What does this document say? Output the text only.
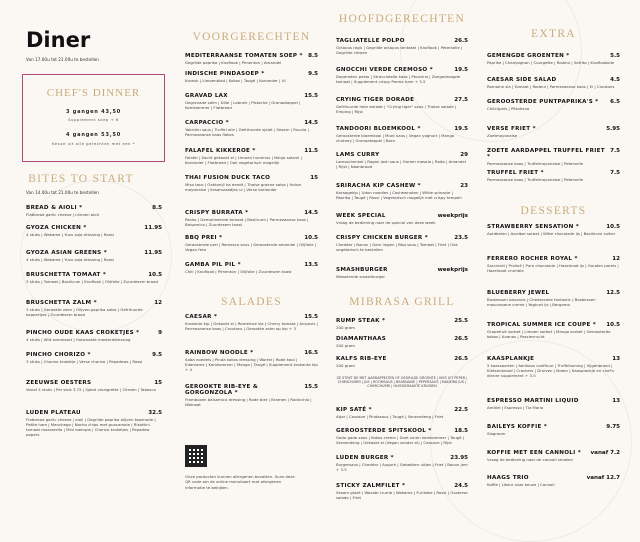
Diner
Van 17.00u tot 21.00u te bestellen
CHEF'S DINNER
3 gangen 43,50
Supplement soep + 6
4 gangen 53,50
Keuze uit alle gerechten met een *
BITES TO START
Van 14.00u tot 21.00u te bestellen
BREAD & AIOLI *	8.5
Flatbread garlic cheese | Limoen aioli
GYOZA CHICKEN *	11.95
4 stuks | Wakame | Yuzu soja dressing | Rossi
GYOZA ASIAN GREENS *	11.95
4 stuks | Wakame | Yuzu soja dressing | Rossi
BRUSCHETTA TOMAAT *	10.5
3 stuks | Tomaat | Basilicum | Knoflook | Olijfolie | Zuurdesem brood
BRUSCHETTA ZALM *	12
3 stuks | Gerookte zalm | Olijven-paprika salsa | Gefrituurde kappertjes | Zuurdesem brood
PINCHO OUDE KAAS CROKETJES *	9
4 stuks | Wilt ovenkaart | Huismaakt mosterddressing
PINCHO CHORIZO *	9.5
3 stuks | Chorizo kroketje | Verse chorizo | Pepadews | Rossi
ZEEUWSE OESTERS	15
Vanaf 4 stuks | Per stuk 3.75 | Sjalot vinaigrette | Citroen | Tabasco
LUDEN PLATEAU	32.5
Flatbread garlic cheese | aioli | Gegrilde paprika olijven tapenade | Petite ham | Manchego | Nacho chips met guacamole | Risottini tomaat mozzarella | Mini loempia | Chorizo kroketjes | Pepadew papers
VOORGERECHTEN
MEDITERRAANSE TOMATEN SOEP * 8.5
Gegrilde paprika | Knoflook | Pimenton | Amandel
INDISCHE PINDASOEP *	9.5
Kroeuk | Limoenblad | Kokos | Taugé | Koriander | Ui
GRAVAD LAX	15.5
Gegrevade zalm | Dille | Labneh | Pistache | Granaatappel | Komkommer | Flatbread
CARPACCIO *	14.5
Yakiniku saus | Truffel olie | Gefrituurde sjalot | Sesam | Rucola | Parmezaanse kaas flakes
FALAFEL KIKKEROE *	11.5
Falafel | Zacht gekookt ei | Limoen hummus | Nduja salami | Koriander | Flatbread | Ook vegetarisch mogelijk
THAI FUSION DUCK TACO	15
Miso taco | Oaktonijl ha eendt | Thaise groene salsa | Hoisin mayonaise | Sesamzaadjes ui | Verse koriander
CRISPY BURRATA *	14.5
Panko | Gemarineerde tomaat | Basilicum | Parmezaanse kaas | Balsamico | Zuurdesem toast
BBQ PREI *	10.5
Geroosterde prei | Romesco saus | Geroosterde amandel | Olijfolie | Vegan feta
GAMBA PIL PIL *	13.5
Chili | Knoflook | Pimenton | Olijfolie | Zuurdesem toast
SALADES
CAESAR *	15.5
Krokante kip | Gekookt ei | Romeinse sla | Cherry tomaat | Ansjovis | Parmezaanse kaas | Croutons | Gerookte zalm op kip + 3
RAINBOW NOODLE *	16.5
Soba noedels | Pinda kokos dressing | Wortel | Rode kool | Edamame | Komkommer | Mango | Taugé | Supplement krokante kip + 4
GEROOKTE RIB-EYE & GORGONZOLA *
15.5
Frambozen balsamico dressing | Rode biet | Bramen | Radicchio | Walnoot
Onze producten kunnen allergenen bevatten. Scan deze QR code om de online menukaart met allergenen informatie te bekijken.
HOOFDGERECHTEN
TAGLIATELLE POLPO	26.5
Octopus ragù | Gegrilde octopus tentakel | Knoflook | Peterselie | Gegrilde citroen
GNOCCHI VERDE CREMOSO *	19.5
Doperwten pesto | Stracciatella kaas | Pecorino | Zongedroogde tomaat | Supplement crispy Parma ham + 3.5
CRYING TIGER DORADE	27.5
Gefrituurde hele dorade | "Crying tiger" saus | Thaise salade | Emping | Rijst
TANDOORI BLOEMKOOL *	19.5
Geroosterde bloemkool | Munt saus | Vegan yoghurt | Mango chutney | Granaatappel | Bara
LAMS CURRY	29
Lamsschenkel | Rogan josh saus | Garam masala | Raita | Amandel | Rijst | Naanbrood
SRIRACHA KIP CASHEW *	23
Karaagekip | Udon noodles | Cashewnoten | Wilde spinazie | Paprika | Taugé | Rossi | Vegetarisch mogelijk met crispy tempeh
WEEK SPECIAL	weekprijs
Vraag de bediening naar de special van deze week
CRISPY CHICKEN BURGER *	23.5
Cheddar | Bacon | Gem lingen | Bbq saus | Tomaat | Friet | Ook vegetarisch te bestellen
SMASHBURGER	weekprijs
Wisselende smashburger
MIBRASA GRILL
RUMP STEAK *	25.5
200 gram
DIAMANTHAAS	26.5
200 gram
KALFS RIB-EYE	26.5
200 gram
KIP SATÉ *	22.5
Atjar | Cassave | Pindasaus | Taugé | Seroendeng | Friet
GEROOSTERDE SPITSKOOL *	18.5
Gado gado saus | Kokos creme | Zoet zuren komkommer | Taugé | Seroendeng | Gekookt ei (Vegan zonder ei) | Cassave | Rijst
LUDEN BURGER *	23.95
Burgersaus | Cheddar | Augurk | Gebakken uitjes | Friet | Bacon jam + 3.5
STICKY ZALMFILET *	24.5
Sesam glazé | Wasabi crumb | Wakame | Furikake | Rossi | Oosterse salade | Friet
ZE STEKT DE MET AARDAPPELTEN OF GEGRILDE GROENTE | KIES UIT PEPER | CHIMICHURRI | JUS | ROOMSAUS | BEARNAISE | PEPERSAUS | MADEIRA JUS | CHIMICHURRI | HUISGEMAAKTE KRUIDEN
EXTRA
GEMENGDE GROENTEN *	5.5
Paprika | Champignon | Courgette | Rodeui | Sofrito | Knoflookolie
CAESAR SIDE SALAD	4.5
Romaine sla | Tomaat | Rodeui | Parmezaanse kaas | Ei | Croutons
GEROOSTERDE PUNTPAPRIKA'S * 6.5
Chilirijpels | Pittahavo
VERSE FRIET *	5.95
Zoetmayonaise
ZOETE AARDAPPEL TRUFFEL FRIET *
7.5
Parmezaanse kaas | Truffelmayonaise | Peterselie
TRUFFEL FRIET *	7.5
Parmezaanse kaas | Truffelmayonaise | Peterselie
DESSERTS
STRAWBERRY SENSATION *	10.5
Aardbeien | Aardbei sorbet | Witte chocolade ijs | Basilicum suiker
FERRERO ROCHER ROYAL *	12
Sacciardi | Praliné | Pure chocolade | Hazelnoot ijs | Gouden parels | Hazelnoot crumble
BLUEBERRY JEWEL	12.5
Bosbessen bavarois | Cheesecake fantastic | Bosbessen mascarpone creme | Yoghurt ijs | Bergamo
TROPICAL SUMMER ICE COUPE * 10.5
Grapefruit sorbet | Limoen sorbet | Mango sorbet | Geroosterde kokos | Ananas | Passievrucht
KAASPLANKJE	13
5 kaassoorten | Abrikoos confituur | Truffelhoning | Vijgenbrood | Kletsenbrood | Crackers | Druiven | Noten | Kaasplankje en chef's dinner supplement + 3.5
ESPRESSO MARTINI LIQUID	13
Amitiel | Espresso | Tia Maria
BAILEYS KOFFIE *	9.75
Slagroom
KOFFIE MET EEN CANNOLI * vanaf 7.2
Vraag de bediening naar de cannoli smaken
HAAGS TRIO	vanaf 12.7
Koffie | Likeur naar keuze | Cannoli
